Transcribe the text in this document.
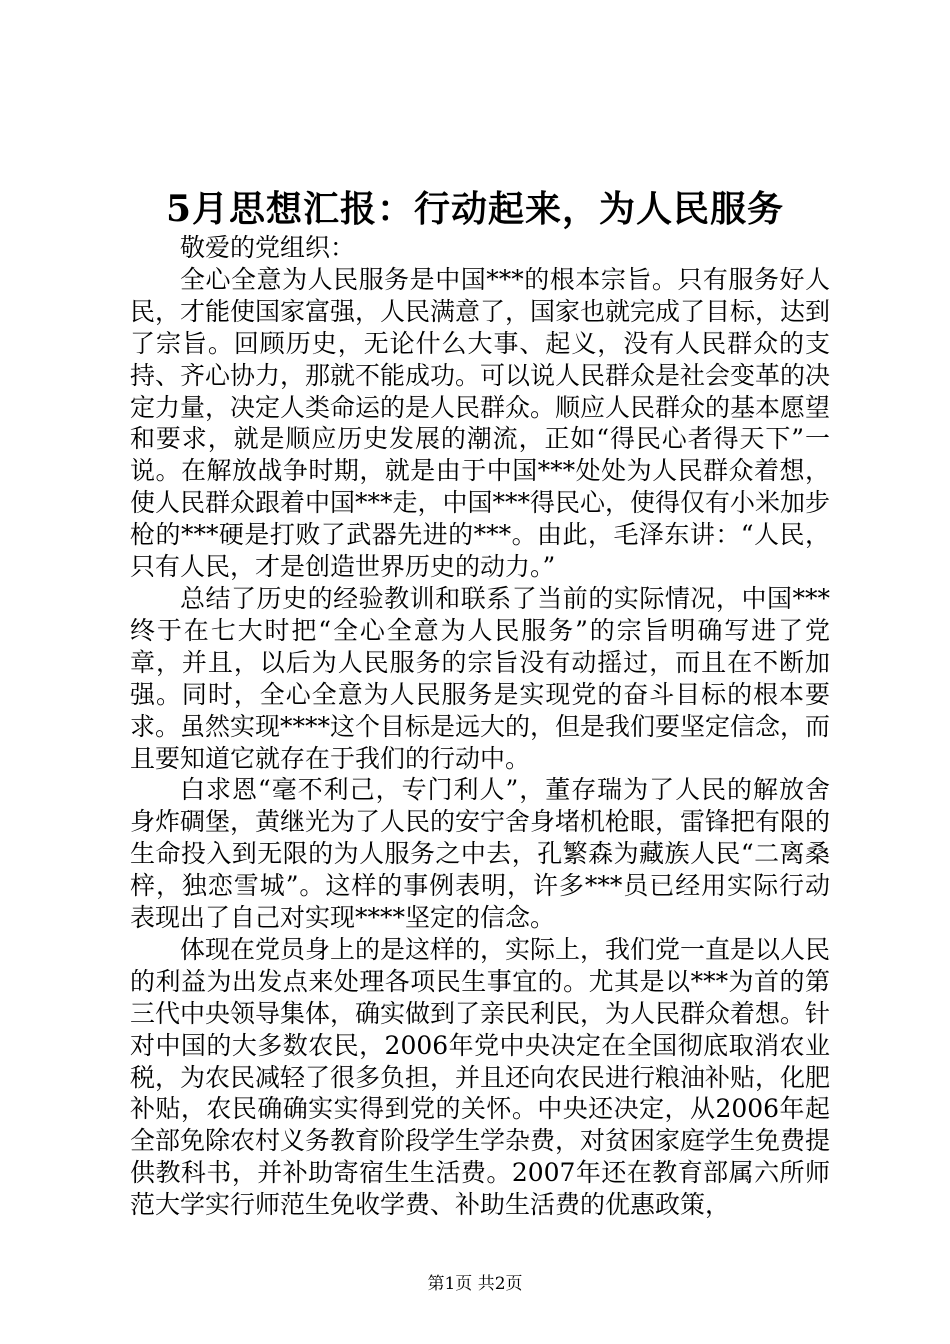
5月思想汇报：行动起来，为人民服务

敬爱的党组织：

全心全意为人民服务是中国***的根本宗旨。只有服务好人民，才能使国家富强，人民满意了，国家也就完成了目标，达到了宗旨。回顾历史，无论什么大事、起义，没有人民群众的支持、齐心协力，那就不能成功。可以说人民群众是社会变革的决定力量，决定人类命运的是人民群众。顺应人民群众的基本愿望和要求，就是顺应历史发展的潮流，正如“得民心者得天下”一说。在解放战争时期，就是由于中国***处处为人民群众着想，使人民群众跟着中国***走，中国***得民心，使得仅有小米加步枪的***硬是打败了武器先进的***。由此，毛泽东讲：“人民，只有人民，才是创造世界历史的动力。”

总结了历史的经验教训和联系了当前的实际情况，中国***终于在七大时把“全心全意为人民服务”的宗旨明确写进了党章，并且，以后为人民服务的宗旨没有动摇过，而且在不断加强。同时，全心全意为人民服务是实现党的奋斗目标的根本要求。虽然实现****这个目标是远大的，但是我们要坚定信念，而且要知道它就存在于我们的行动中。

白求恩“毫不利己，专门利人”，董存瑞为了人民的解放舍身炸碉堡，黄继光为了人民的安宁舍身堵机枪眼，雷锋把有限的生命投入到无限的为人服务之中去，孔繁森为藏族人民“二离桑梓，独恋雪城”。这样的事例表明，许多***员已经用实际行动表现出了自己对实现****坚定的信念。

体现在党员身上的是这样的，实际上，我们党一直是以人民的利益为出发点来处理各项民生事宜的。尤其是以***为首的第三代中央领导集体，确实做到了亲民利民，为人民群众着想。针对中国的大多数农民，2006年党中央决定在全国彻底取消农业税，为农民减轻了很多负担，并且还向农民进行粮油补贴，化肥补贴，农民确确实实得到党的关怀。中央还决定，从2006年起全部免除农村义务教育阶段学生学杂费，对贫困家庭学生免费提供教科书，并补助寄宿生生活费。2007年还在教育部属六所师范大学实行师范生免收学费、补助生活费的优惠政策，

第1页 共2页
